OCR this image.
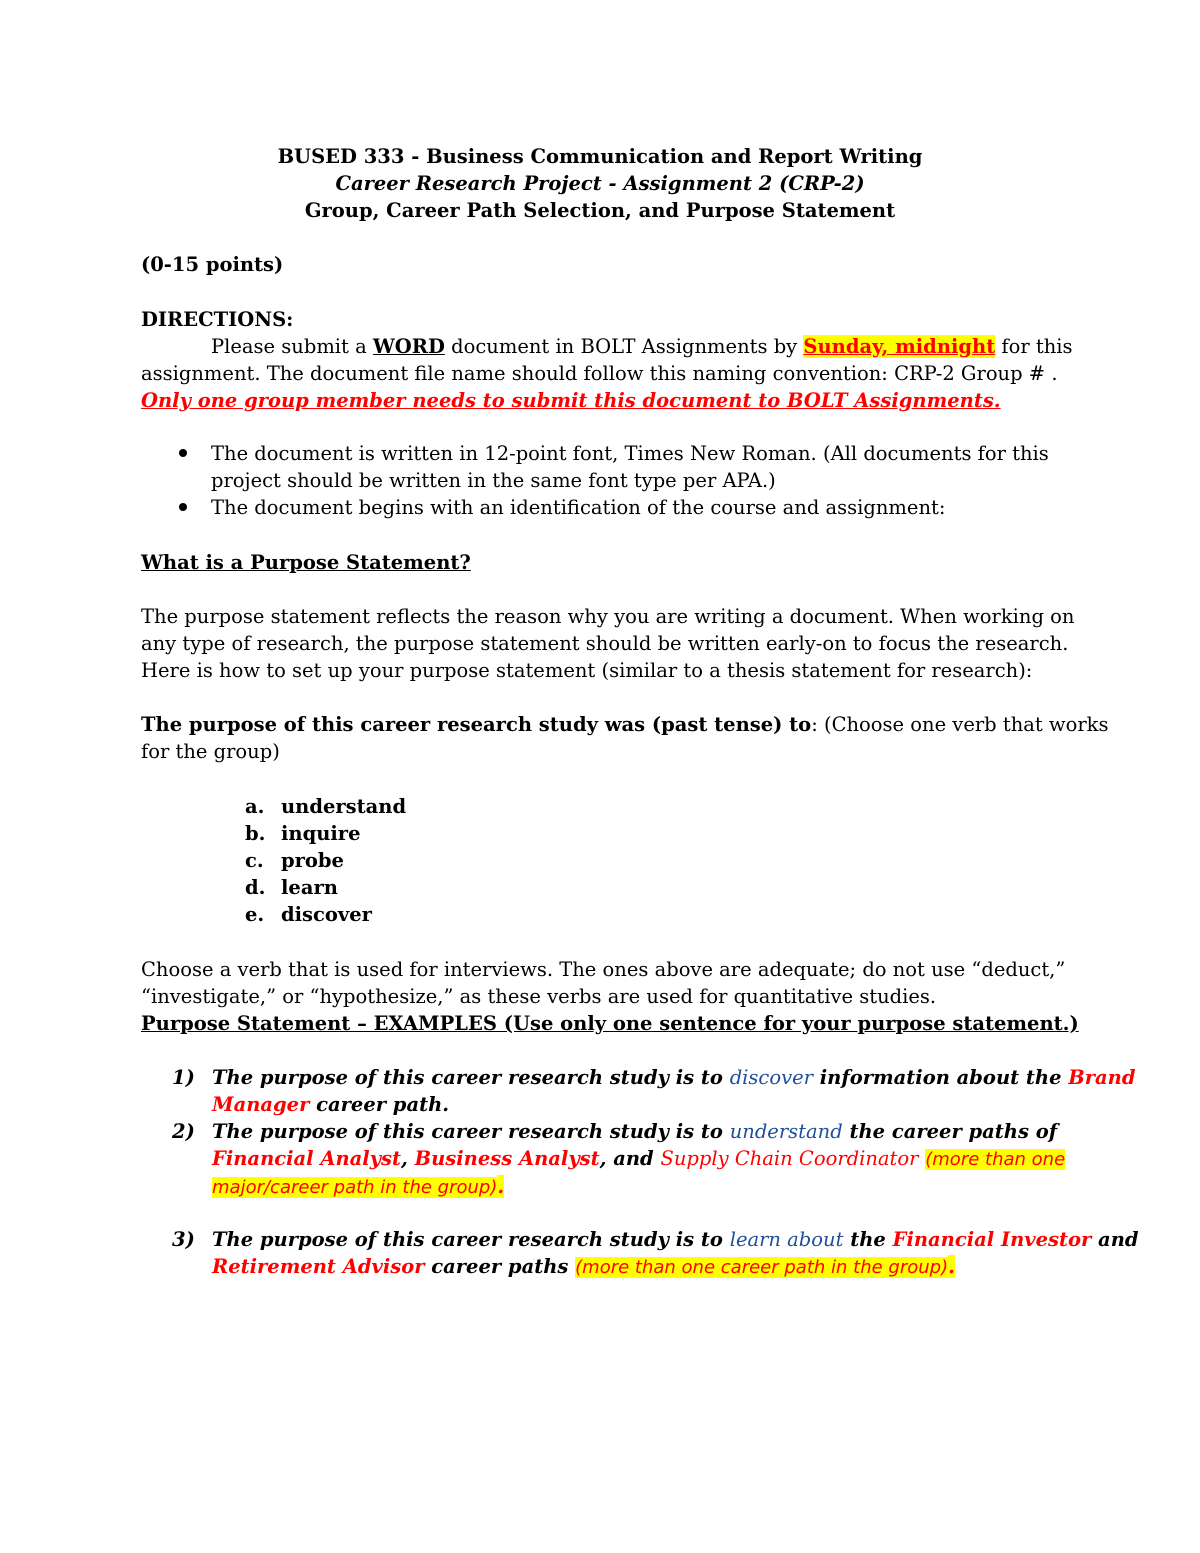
BUSED 333 - Business Communication and Report Writing
Career Research Project - Assignment 2 (CRP-2)
Group, Career Path Selection, and Purpose Statement
(0-15 points)
DIRECTIONS:
Please submit a WORD document in BOLT Assignments by Sunday, midnight for this
assignment. The document file name should follow this naming convention: CRP-2 Group # .
Only one group member needs to submit this document to BOLT Assignments.
The document is written in 12-point font, Times New Roman. (All documents for this
project should be written in the same font type per APA.)
The document begins with an identification of the course and assignment:
What is a Purpose Statement?
The purpose statement reflects the reason why you are writing a document. When working on
any type of research, the purpose statement should be written early-on to focus the research.
Here is how to set up your purpose statement (similar to a thesis statement for research):
The purpose of this career research study was (past tense) to: (Choose one verb that works
for the group)
a. understand
b. inquire
c. probe
d. learn
e. discover
Choose a verb that is used for interviews. The ones above are adequate; do not use “deduct,”
“investigate,” or “hypothesize,” as these verbs are used for quantitative studies.
Purpose Statement – EXAMPLES (Use only one sentence for your purpose statement.)
1) The purpose of this career research study is to discover information about the Brand
Manager career path.
2) The purpose of this career research study is to understand the career paths of
Financial Analyst, Business Analyst, and Supply Chain Coordinator (more than one
major/career path in the group).
3) The purpose of this career research study is to learn about the Financial Investor and
Retirement Advisor career paths (more than one career path in the group).
